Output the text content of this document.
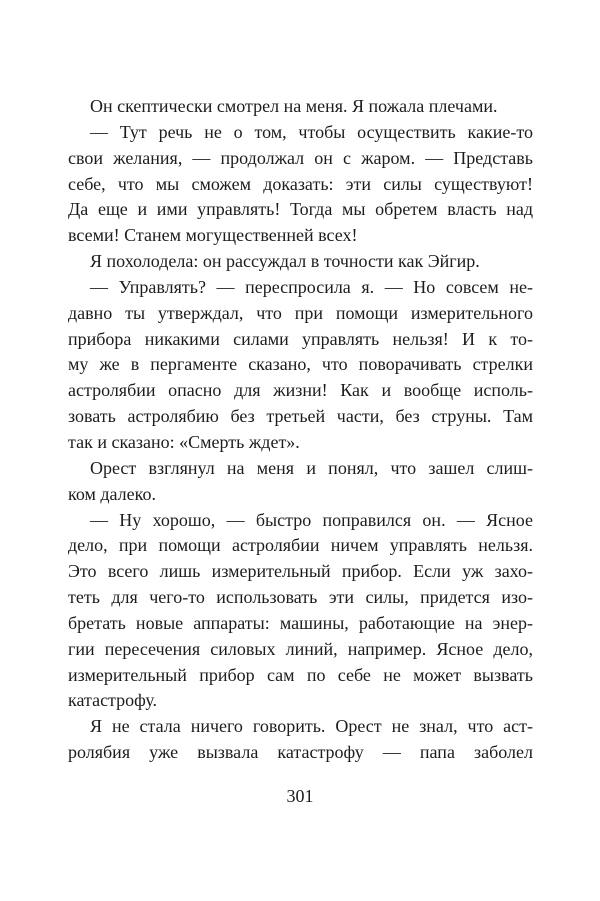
Он скептически смотрел на меня. Я пожала плечами.
— Тут речь не о том, чтобы осуществить какие-то
свои желания, — продолжал он с жаром. — Представь
себе, что мы сможем доказать: эти силы существуют!
Да еще и ими управлять! Тогда мы обретем власть над
всеми! Станем могущественней всех!
Я похолодела: он рассуждал в точности как Эйгир.
— Управлять? — переспросила я. — Но совсем не-
давно ты утверждал, что при помощи измерительного
прибора никакими силами управлять нельзя! И к то-
му же в пергаменте сказано, что поворачивать стрелки
астролябии опасно для жизни! Как и вообще исполь-
зовать астролябию без третьей части, без струны. Там
так и сказано: «Смерть ждет».
Орест взглянул на меня и понял, что зашел слиш-
ком далеко.
— Ну хорошо, — быстро поправился он. — Ясное
дело, при помощи астролябии ничем управлять нельзя.
Это всего лишь измерительный прибор. Если уж захо-
теть для чего-то использовать эти силы, придется изо-
бретать новые аппараты: машины, работающие на энер-
гии пересечения силовых линий, например. Ясное дело,
измерительный прибор сам по себе не может вызвать
катастрофу.
Я не стала ничего говорить. Орест не знал, что аст-
ролябия уже вызвала катастрофу — папа заболел
301
